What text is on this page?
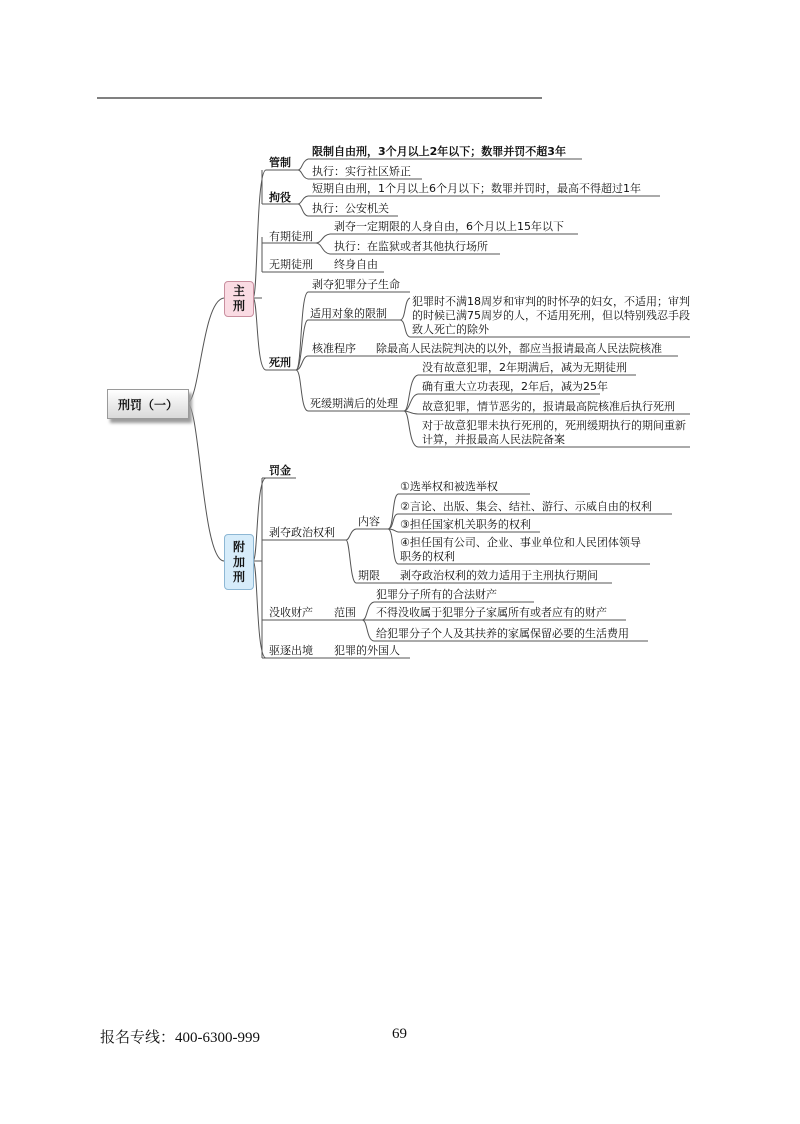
刑罚（一）
主
刑
附
加
刑
管制
限制自由刑，3个月以上2年以下；数罪并罚不超3年
执行：实行社区矫正
拘役
短期自由刑，1个月以上6个月以下；数罪并罚时，最高不得超过1年
执行：公安机关
有期徒刑
剥夺一定期限的人身自由，6个月以上15年以下
执行：在监狱或者其他执行场所
无期徒刑 终身自由
死刑
剥夺犯罪分子生命
适用对象的限制
犯罪时不满18周岁和审判的时怀孕的妇女，不适用；审判的时候已满75周岁的人，不适用死刑，但以特别残忍手段致人死亡的除外
核准程序 除最高人民法院判决的以外，都应当报请最高人民法院核准
死缓期满后的处理
没有故意犯罪，2年期满后，减为无期徒刑
确有重大立功表现，2年后，减为25年
故意犯罪，情节恶劣的，报请最高院核准后执行死刑
对于故意犯罪未执行死刑的，死刑缓期执行的期间重新计算，并报最高人民法院备案
罚金
剥夺政治权利
内容
①选举权和被选举权
②言论、出版、集会、结社、游行、示威自由的权利
③担任国家机关职务的权利
④担任国有公司、企业、事业单位和人民团体领导职务的权利
期限 剥夺政治权利的效力适用于主刑执行期间
没收财产 范围
犯罪分子所有的合法财产
不得没收属于犯罪分子家属所有或者应有的财产
给犯罪分子个人及其扶养的家属保留必要的生活费用
驱逐出境 犯罪的外国人
报名专线：400-6300-999	69
